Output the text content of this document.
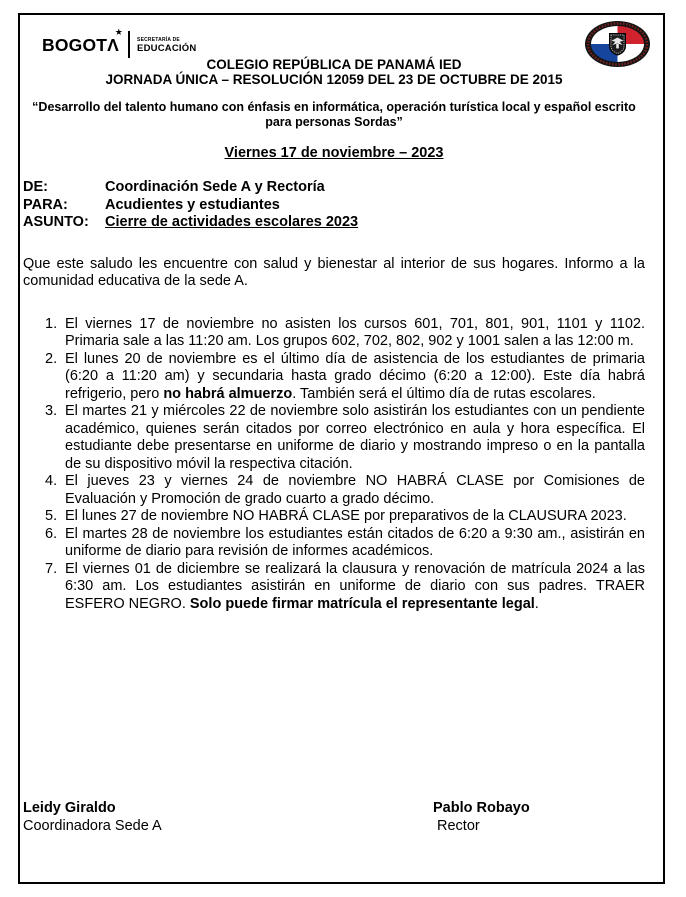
BOGOTΛ
★
SECRETARÍA DE
EDUCACIÓN
COLEGIO REPÚBLICA DE PANAMÁ IED
JORNADA ÚNICA – RESOLUCIÓN 12059 DEL 23 DE OCTUBRE DE 2015
“Desarrollo del talento humano con énfasis en informática, operación turística local y español escrito para personas Sordas”
Viernes 17 de noviembre – 2023
DE:	Coordinación Sede A y Rectoría
PARA:	Acudientes y estudiantes
ASUNTO:	Cierre de actividades escolares 2023
Que este saludo les encuentre con salud y bienestar al interior de sus hogares. Informo a la comunidad educativa de la sede A.
1. El viernes 17 de noviembre no asisten los cursos 601, 701, 801, 901, 1101 y 1102. Primaria sale a las 11:20 am. Los grupos 602, 702, 802, 902 y 1001 salen a las 12:00 m.
2. El lunes 20 de noviembre es el último día de asistencia de los estudiantes de primaria (6:20 a 11:20 am) y secundaria hasta grado décimo (6:20 a 12:00). Este día habrá refrigerio, pero no habrá almuerzo. También será el último día de rutas escolares.
3. El martes 21 y miércoles 22 de noviembre solo asistirán los estudiantes con un pendiente académico, quienes serán citados por correo electrónico en aula y hora específica. El estudiante debe presentarse en uniforme de diario y mostrando impreso o en la pantalla de su dispositivo móvil la respectiva citación.
4. El jueves 23 y viernes 24 de noviembre NO HABRÁ CLASE por Comisiones de Evaluación y Promoción de grado cuarto a grado décimo.
5. El lunes 27 de noviembre NO HABRÁ CLASE por preparativos de la CLAUSURA 2023.
6. El martes 28 de noviembre los estudiantes están citados de 6:20 a 9:30 am., asistirán en uniforme de diario para revisión de informes académicos.
7. El viernes 01 de diciembre se realizará la clausura y renovación de matrícula 2024 a las 6:30 am. Los estudiantes asistirán en uniforme de diario con sus padres. TRAER ESFERO NEGRO. Solo puede firmar matrícula el representante legal.
Leidy Giraldo
Coordinadora Sede A
Pablo Robayo
Rector
